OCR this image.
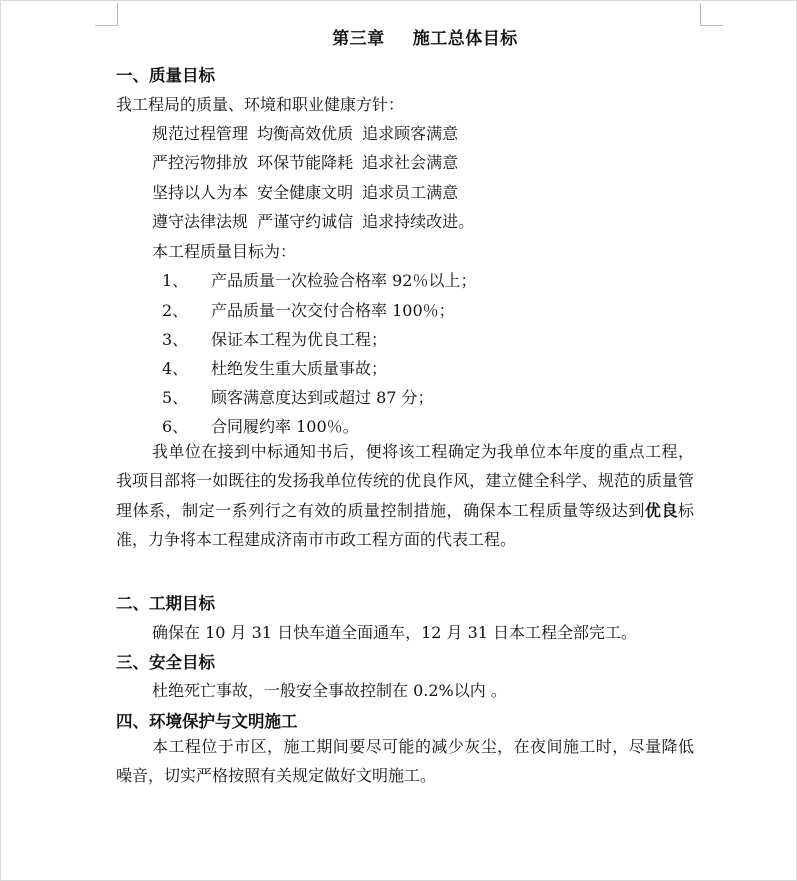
第三章 施工总体目标
一、质量目标
我工程局的质量、环境和职业健康方针：
规范过程管理 均衡高效优质 追求顾客满意
严控污物排放 环保节能降耗 追求社会满意
坚持以人为本 安全健康文明 追求员工满意
遵守法律法规 严谨守约诚信 追求持续改进。
本工程质量目标为：
1、 产品质量一次检验合格率 92％以上；
2、 产品质量一次交付合格率 100％；
3、 保证本工程为优良工程；
4、 杜绝发生重大质量事故；
5、 顾客满意度达到或超过 87 分；
6、 合同履约率 100％。
我单位在接到中标通知书后，便将该工程确定为我单位本年度的重点工程，我项目部将一如既往的发扬我单位传统的优良作风，建立健全科学、规范的质量管理体系，制定一系列行之有效的质量控制措施，确保本工程质量等级达到优良标准，力争将本工程建成济南市市政工程方面的代表工程。
二、工期目标
确保在 10 月 31 日快车道全面通车，12 月 31 日本工程全部完工。
三、安全目标
杜绝死亡事故，一般安全事故控制在 0.2%以内 。
四、环境保护与文明施工
本工程位于市区，施工期间要尽可能的减少灰尘，在夜间施工时，尽量降低噪音，切实严格按照有关规定做好文明施工。
